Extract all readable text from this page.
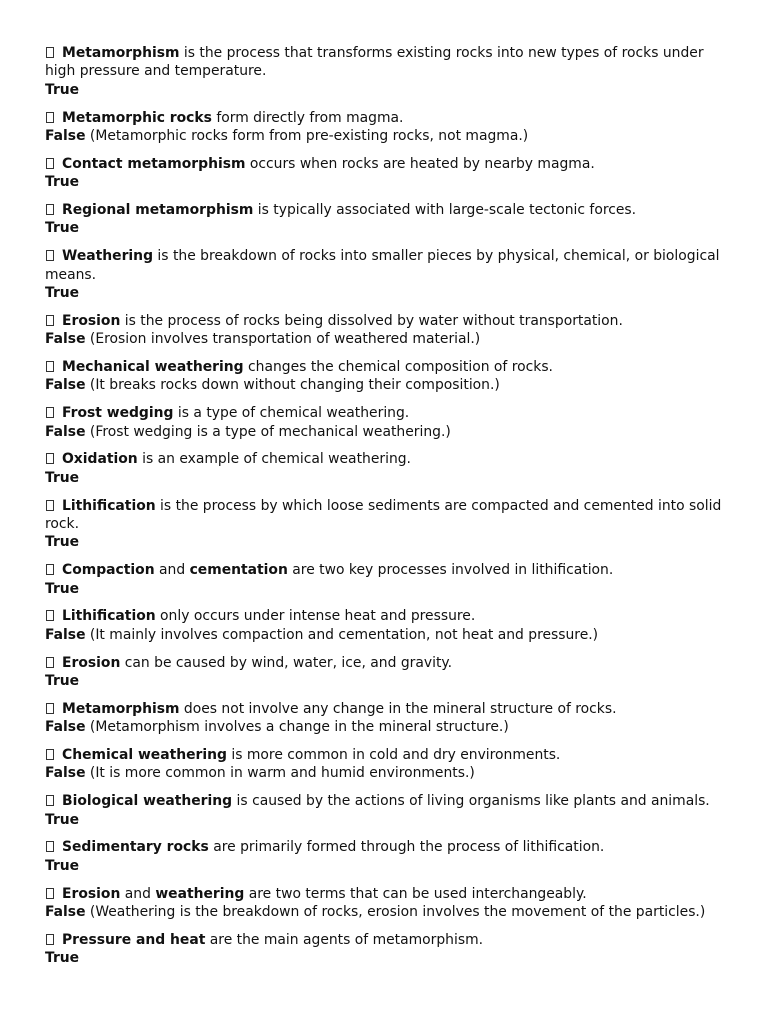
Metamorphism is the process that transforms existing rocks into new types of rocks under high pressure and temperature.
True
Metamorphic rocks form directly from magma.
False (Metamorphic rocks form from pre-existing rocks, not magma.)
Contact metamorphism occurs when rocks are heated by nearby magma.
True
Regional metamorphism is typically associated with large-scale tectonic forces.
True
Weathering is the breakdown of rocks into smaller pieces by physical, chemical, or biological means.
True
Erosion is the process of rocks being dissolved by water without transportation.
False (Erosion involves transportation of weathered material.)
Mechanical weathering changes the chemical composition of rocks.
False (It breaks rocks down without changing their composition.)
Frost wedging is a type of chemical weathering.
False (Frost wedging is a type of mechanical weathering.)
Oxidation is an example of chemical weathering.
True
Lithification is the process by which loose sediments are compacted and cemented into solid rock.
True
Compaction and cementation are two key processes involved in lithification.
True
Lithification only occurs under intense heat and pressure.
False (It mainly involves compaction and cementation, not heat and pressure.)
Erosion can be caused by wind, water, ice, and gravity.
True
Metamorphism does not involve any change in the mineral structure of rocks.
False (Metamorphism involves a change in the mineral structure.)
Chemical weathering is more common in cold and dry environments.
False (It is more common in warm and humid environments.)
Biological weathering is caused by the actions of living organisms like plants and animals.
True
Sedimentary rocks are primarily formed through the process of lithification.
True
Erosion and weathering are two terms that can be used interchangeably.
False (Weathering is the breakdown of rocks, erosion involves the movement of the particles.)
Pressure and heat are the main agents of metamorphism.
True
